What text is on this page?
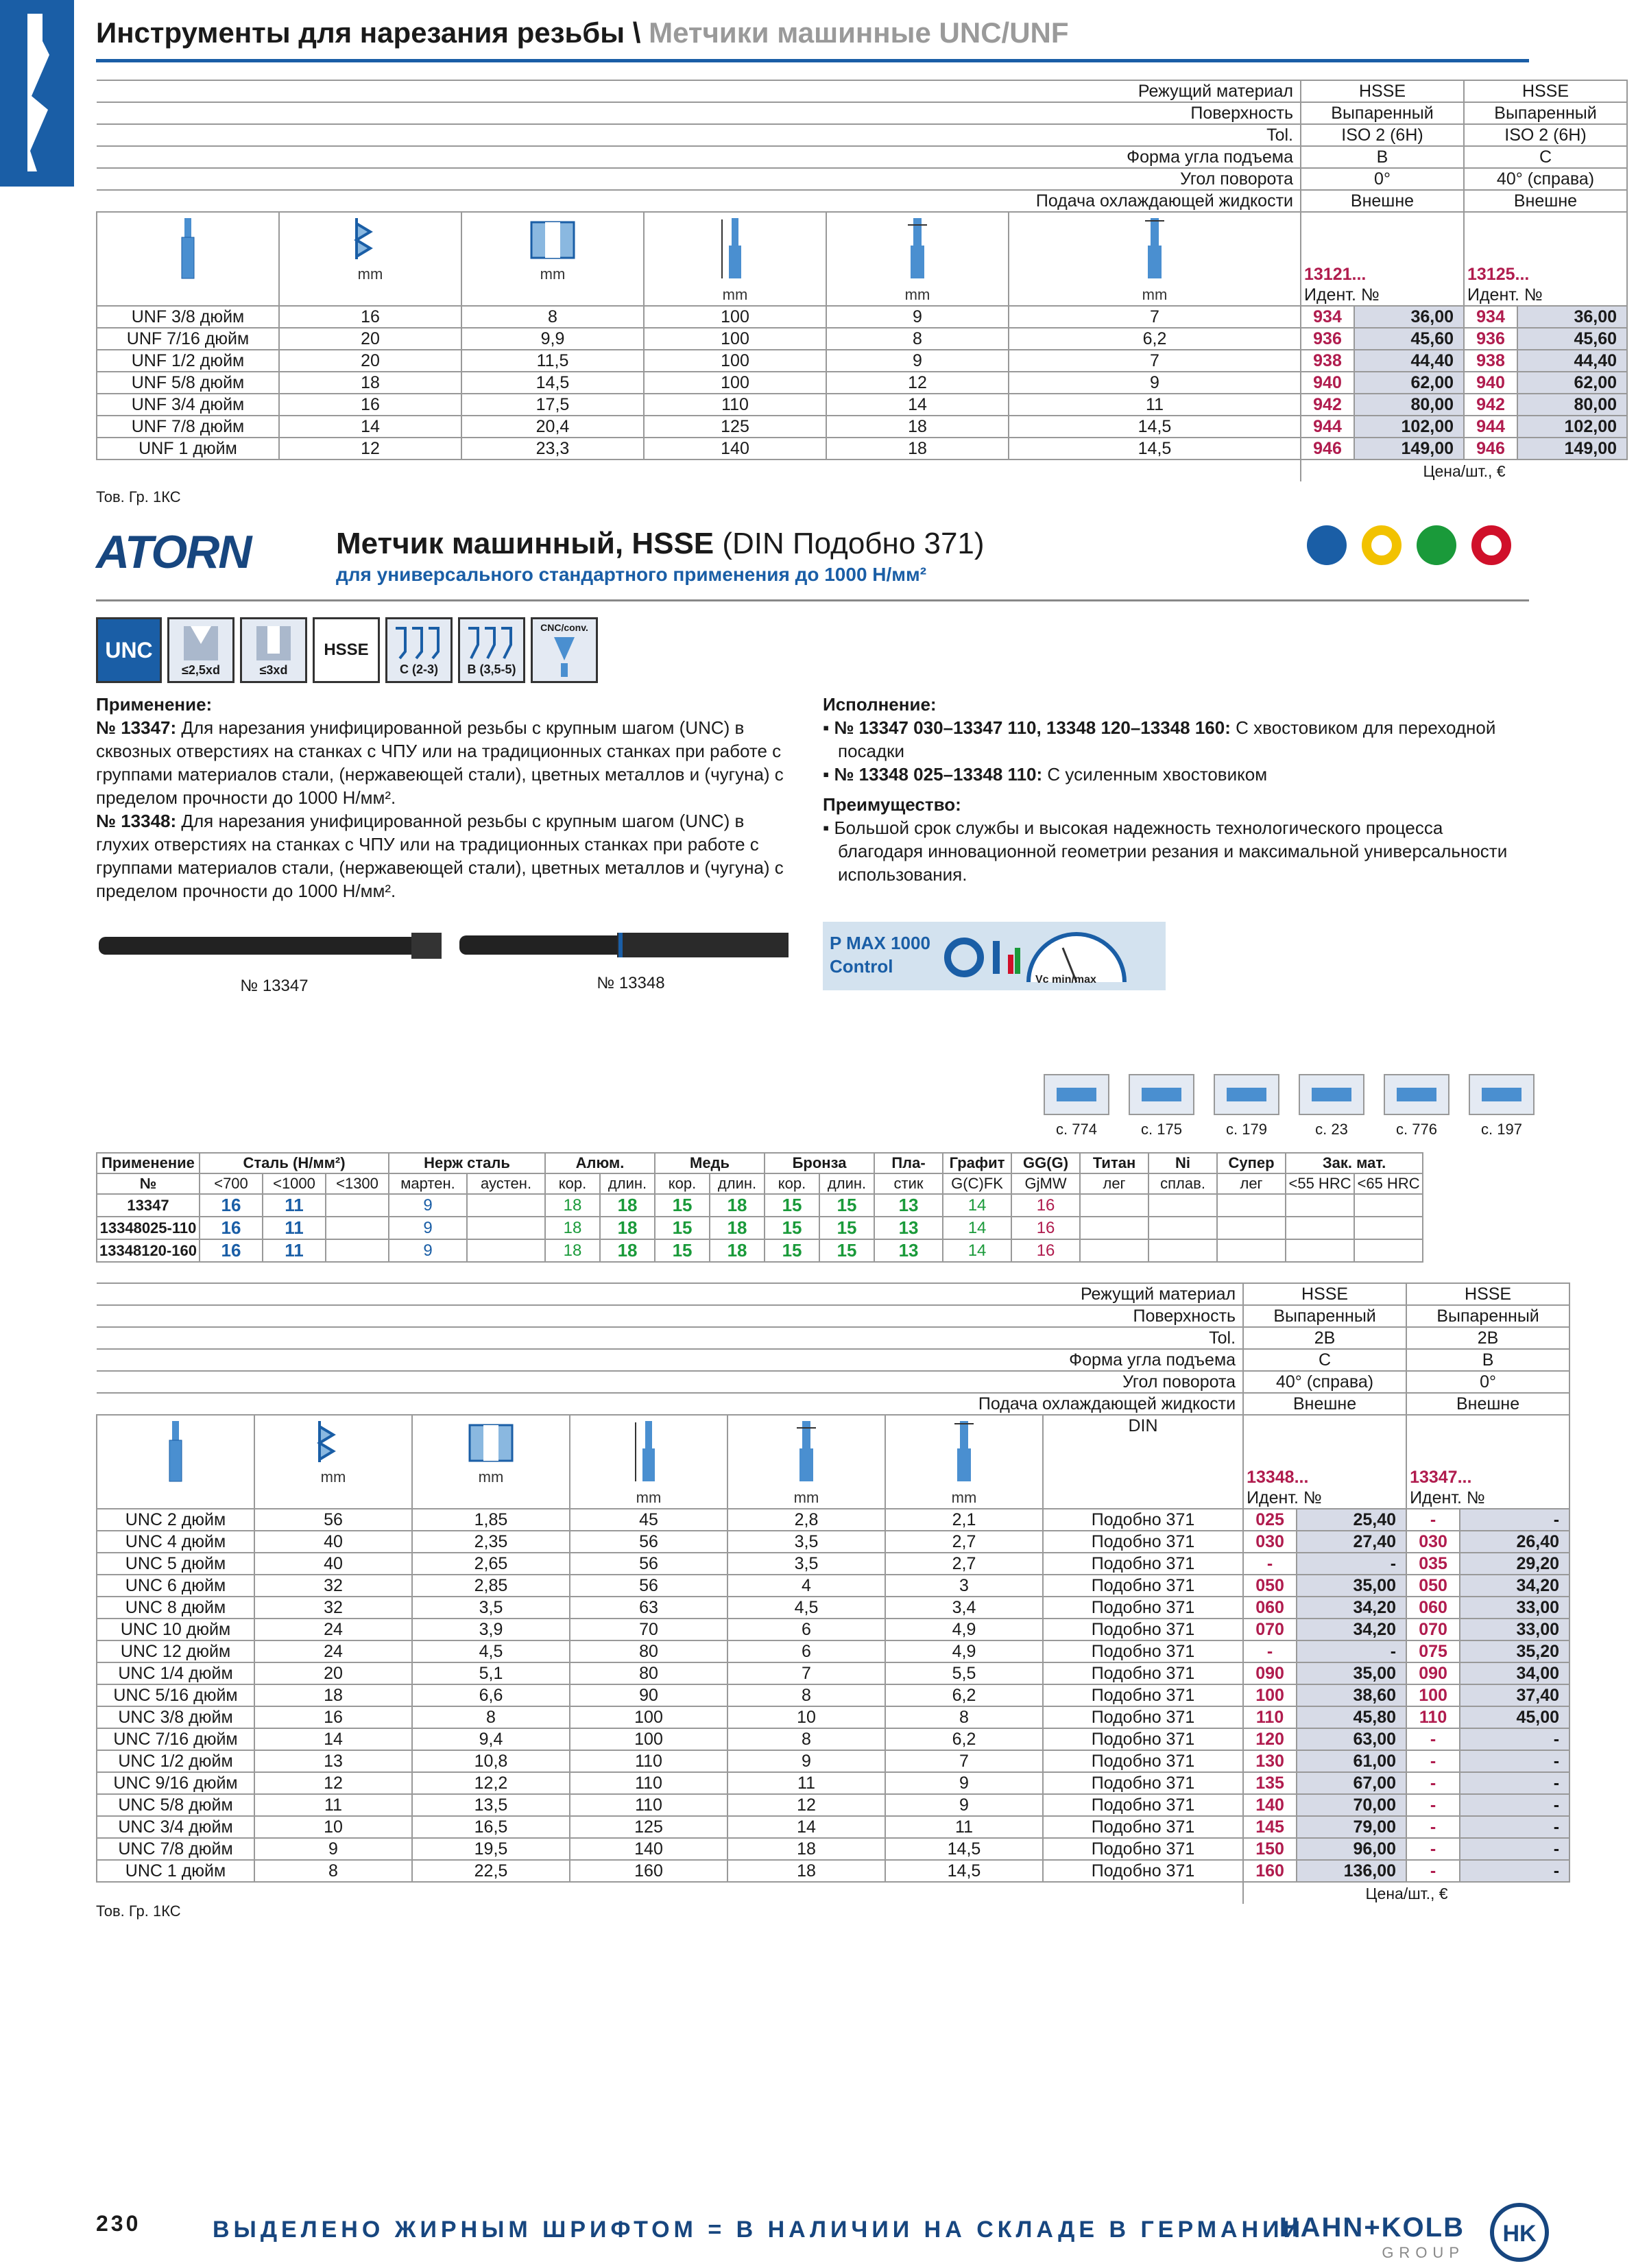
Инструменты для нарезания резьбы \ Метчики машинные UNC/UNF
Режущий материал						HSSE		HSSE	
Поверхность						Выпаренный		Выпаренный	
Tol.						ISO 2 (6H)		ISO 2 (6H)	
Форма угла подъема						B		C	
Угол поворота						0°		40° (справа)	
Подача охлаждающей жидкости						Внешне		Внешне	

mm	mm	mm	mm	mm	13121...
Идент. №		13125...
Идент. №	
UNF 3/8 дюйм	16	8	100	9	7	934	36,00	934	36,00
UNF 7/16 дюйм	20	9,9	100	8	6,2	936	45,60	936	45,60
UNF 1/2 дюйм	20	11,5	100	9	7	938	44,40	938	44,40
UNF 5/8 дюйм	18	14,5	100	12	9	940	62,00	940	62,00
UNF 3/4 дюйм	16	17,5	110	14	11	942	80,00	942	80,00
UNF 7/8 дюйм	14	20,4	125	18	14,5	944	102,00	944	102,00
UNF 1 дюйм	12	23,3	140	18	14,5	946	149,00	946	149,00
						Цена/шт., €			
Тов. Гр. 1КС
ATORN	Метчик машинный, HSSE (DIN Подобно 371)
для универсального стандартного применения до 1000 Н/мм²
UNC
≤2,5xd	≤3xd
HSSE
C (2-3) B (3,5-5)
CNC/conv.
Применение:
№ 13347: Для нарезания унифицированной резьбы с крупным шагом (UNC) в сквозных отверстиях на станках с ЧПУ или на традиционных станках при работе с группами материалов стали, (нержавеющей стали), цветных металлов и (чугуна) с пределом прочности до 1000 Н/мм².
№ 13348: Для нарезания унифицированной резьбы с крупным шагом (UNC) в глухих отверстиях на станках с ЧПУ или на традиционных станках при работе с группами материалов стали, (нержавеющей стали), цветных металлов и (чугуна) с пределом прочности до 1000 Н/мм².
Исполнение:
▪ № 13347 030–13347 110, 13348 120–13348 160: С хвостовиком для переходной посадки
▪ № 13348 025–13348 110: С усиленным хвостовиком
Преимущество:
▪ Большой срок службы и высокая надежность технологического процесса благодаря инновационной геометрии резания и максимальной универсальности использования.
№ 13347	№ 13348
P MAX 1000
Control
Vc min/max
с. 774	с. 175	с. 179	с. 23	с. 776	с. 197
Применение	Сталь (Н/мм²)			Нерж сталь		Алюм.		Медь		Бронза		Пла-	Графит	GG(G)	Титан	Ni	Супер	Зак. мат.	
№	<700	<1000	<1300	мартен.	аустен.	кор.	длин.	кор.	длин.	кор.	длин.	стик	G(C)FK	GjMW	лег	сплав.	лег	<55 HRC	<65 HRC
13347	16	11		9		18	18	15	18	15	15	13	14	16					
13348025-110	16	11		9		18	18	15	18	15	15	13	14	16					
13348120-160	16	11		9		18	18	15	18	15	15	13	14	16					
Режущий материал							HSSE		HSSE	
Поверхность							Выпаренный		Выпаренный	
Tol.							2B		2B	
Форма угла подъема							C		B	
Угол поворота							40° (справа)		0°	
Подача охлаждающей жидкости							Внешне		Внешне	

mm	mm	mm	mm	mm	DIN	13348...
Идент. №		13347...
Идент. №	
UNC 2 дюйм	56	1,85	45	2,8	2,1	Подобно 371	025	25,40	-	-
UNC 4 дюйм	40	2,35	56	3,5	2,7	Подобно 371	030	27,40	030	26,40
UNC 5 дюйм	40	2,65	56	3,5	2,7	Подобно 371	-	-	035	29,20
UNC 6 дюйм	32	2,85	56	4	3	Подобно 371	050	35,00	050	34,20
UNC 8 дюйм	32	3,5	63	4,5	3,4	Подобно 371	060	34,20	060	33,00
UNC 10 дюйм	24	3,9	70	6	4,9	Подобно 371	070	34,20	070	33,00
UNC 12 дюйм	24	4,5	80	6	4,9	Подобно 371	-	-	075	35,20
UNC 1/4 дюйм	20	5,1	80	7	5,5	Подобно 371	090	35,00	090	34,00
UNC 5/16 дюйм	18	6,6	90	8	6,2	Подобно 371	100	38,60	100	37,40
UNC 3/8 дюйм	16	8	100	10	8	Подобно 371	110	45,80	110	45,00
UNC 7/16 дюйм	14	9,4	100	8	6,2	Подобно 371	120	63,00	-	-
UNC 1/2 дюйм	13	10,8	110	9	7	Подобно 371	130	61,00	-	-
UNC 9/16 дюйм	12	12,2	110	11	9	Подобно 371	135	67,00	-	-
UNC 5/8 дюйм	11	13,5	110	12	9	Подобно 371	140	70,00	-	-
UNC 3/4 дюйм	10	16,5	125	14	11	Подобно 371	145	79,00	-	-
UNC 7/8 дюйм	9	19,5	140	18	14,5	Подобно 371	150	96,00	-	-
UNC 1 дюйм	8	22,5	160	18	14,5	Подобно 371	160	136,00	-	-
							Цена/шт., €			
Тов. Гр. 1КС
230	ВЫДЕЛЕНО ЖИРНЫМ ШРИФТОМ = В НАЛИЧИИ НА СКЛАДЕ В ГЕРМАНИИ
HAHN+KOLB
GROUP
HK
